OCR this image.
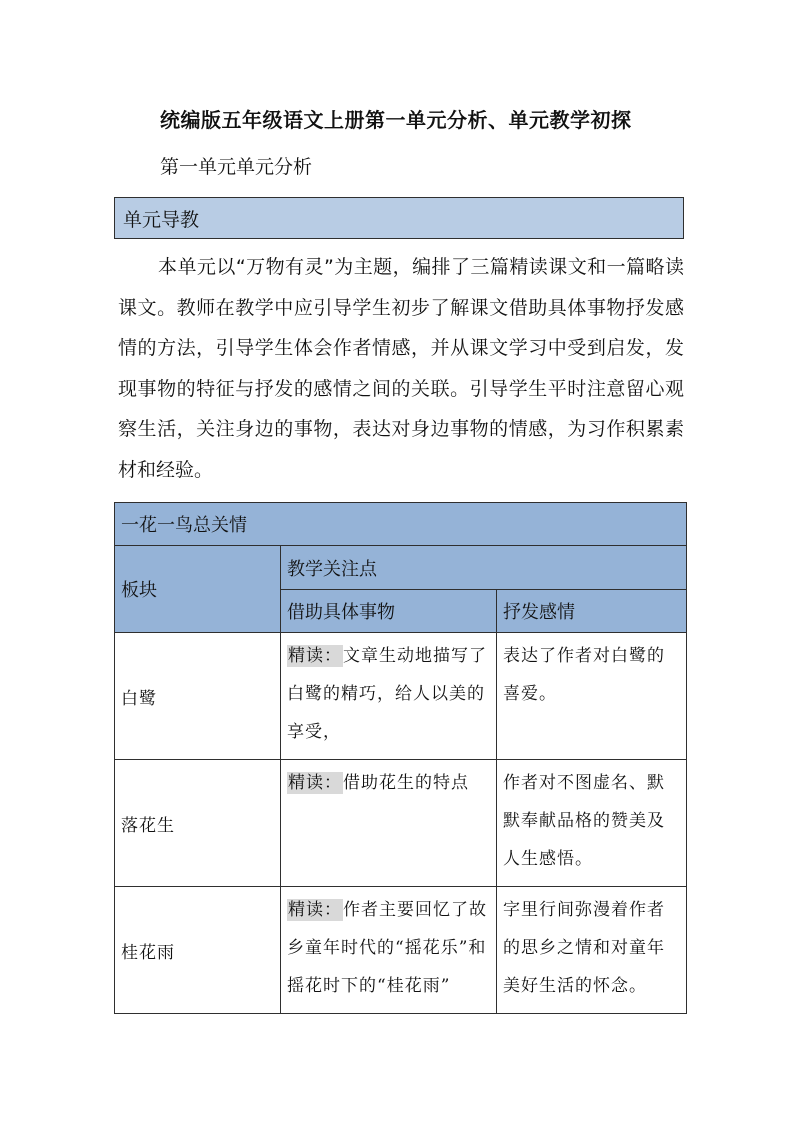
统编版五年级语文上册第一单元分析、单元教学初探
第一单元单元分析
单元导教

本单元以“万物有灵”为主题，编排了三篇精读课文和一篇略读课文。教师在教学中应引导学生初步了解课文借助具体事物抒发感情的方法，引导学生体会作者情感，并从课文学习中受到启发，发现事物的特征与抒发的感情之间的关联。引导学生平时注意留心观察生活，关注身边的事物，表达对身边事物的情感，为习作积累素材和经验。

一花一鸟总关情		
板块	教学关注点	
	借助具体事物	抒发感情
白鹭	精读：文章生动地描写了白鹭的精巧，给人以美的享受，	表达了作者对白鹭的喜爱。
落花生	精读：借助花生的特点	作者对不图虚名、默默奉献品格的赞美及人生感悟。
桂花雨	精读：作者主要回忆了故乡童年时代的“摇花乐”和摇花时下的“桂花雨”	字里行间弥漫着作者的思乡之情和对童年美好生活的怀念。
